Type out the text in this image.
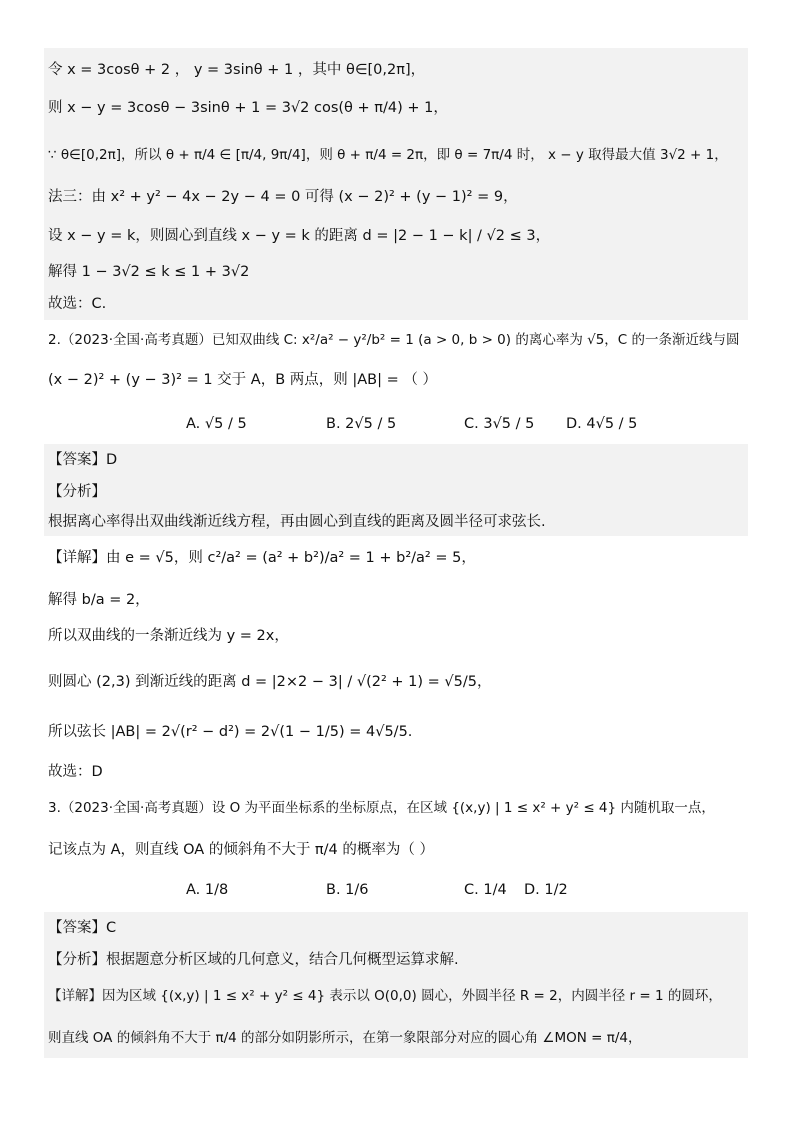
令 x = 3cosθ + 2 ， y = 3sinθ + 1 ，其中 θ∈[0,2π]，
则 x − y = 3cosθ − 3sinθ + 1 = 3√2 cos(θ + π/4) + 1，
∵ θ∈[0,2π]，所以 θ + π/4 ∈ [π/4, 9π/4]，则 θ + π/4 = 2π，即 θ = 7π/4 时， x − y 取得最大值 3√2 + 1，
法三：由 x² + y² − 4x − 2y − 4 = 0 可得 (x − 2)² + (y − 1)² = 9，
设 x − y = k，则圆心到直线 x − y = k 的距离 d = |2 − 1 − k| / √2 ≤ 3，
解得 1 − 3√2 ≤ k ≤ 1 + 3√2
故选：C.
2.（2023·全国·高考真题）已知双曲线 C: x²/a² − y²/b² = 1 (a > 0, b > 0) 的离心率为 √5，C 的一条渐近线与圆
(x − 2)² + (y − 3)² = 1 交于 A，B 两点，则 |AB| = （ ）
A. √5 / 5	B. 2√5 / 5	C. 3√5 / 5 D. 4√5 / 5
【答案】D
【分析】
根据离心率得出双曲线渐近线方程，再由圆心到直线的距离及圆半径可求弦长.
【详解】由 e = √5，则 c²/a² = (a² + b²)/a² = 1 + b²/a² = 5，
解得 b/a = 2，
所以双曲线的一条渐近线为 y = 2x，
则圆心 (2,3) 到渐近线的距离 d = |2×2 − 3| / √(2² + 1) = √5/5，
所以弦长 |AB| = 2√(r² − d²) = 2√(1 − 1/5) = 4√5/5.
故选：D
3.（2023·全国·高考真题）设 O 为平面坐标系的坐标原点，在区域 {(x,y) | 1 ≤ x² + y² ≤ 4} 内随机取一点，
记该点为 A，则直线 OA 的倾斜角不大于 π/4 的概率为（ ）
A. 1/8	B. 1/6	C. 1/4 D. 1/2
【答案】C
【分析】根据题意分析区域的几何意义，结合几何概型运算求解.
【详解】因为区域 {(x,y) | 1 ≤ x² + y² ≤ 4} 表示以 O(0,0) 圆心，外圆半径 R = 2，内圆半径 r = 1 的圆环，
则直线 OA 的倾斜角不大于 π/4 的部分如阴影所示，在第一象限部分对应的圆心角 ∠MON = π/4，
